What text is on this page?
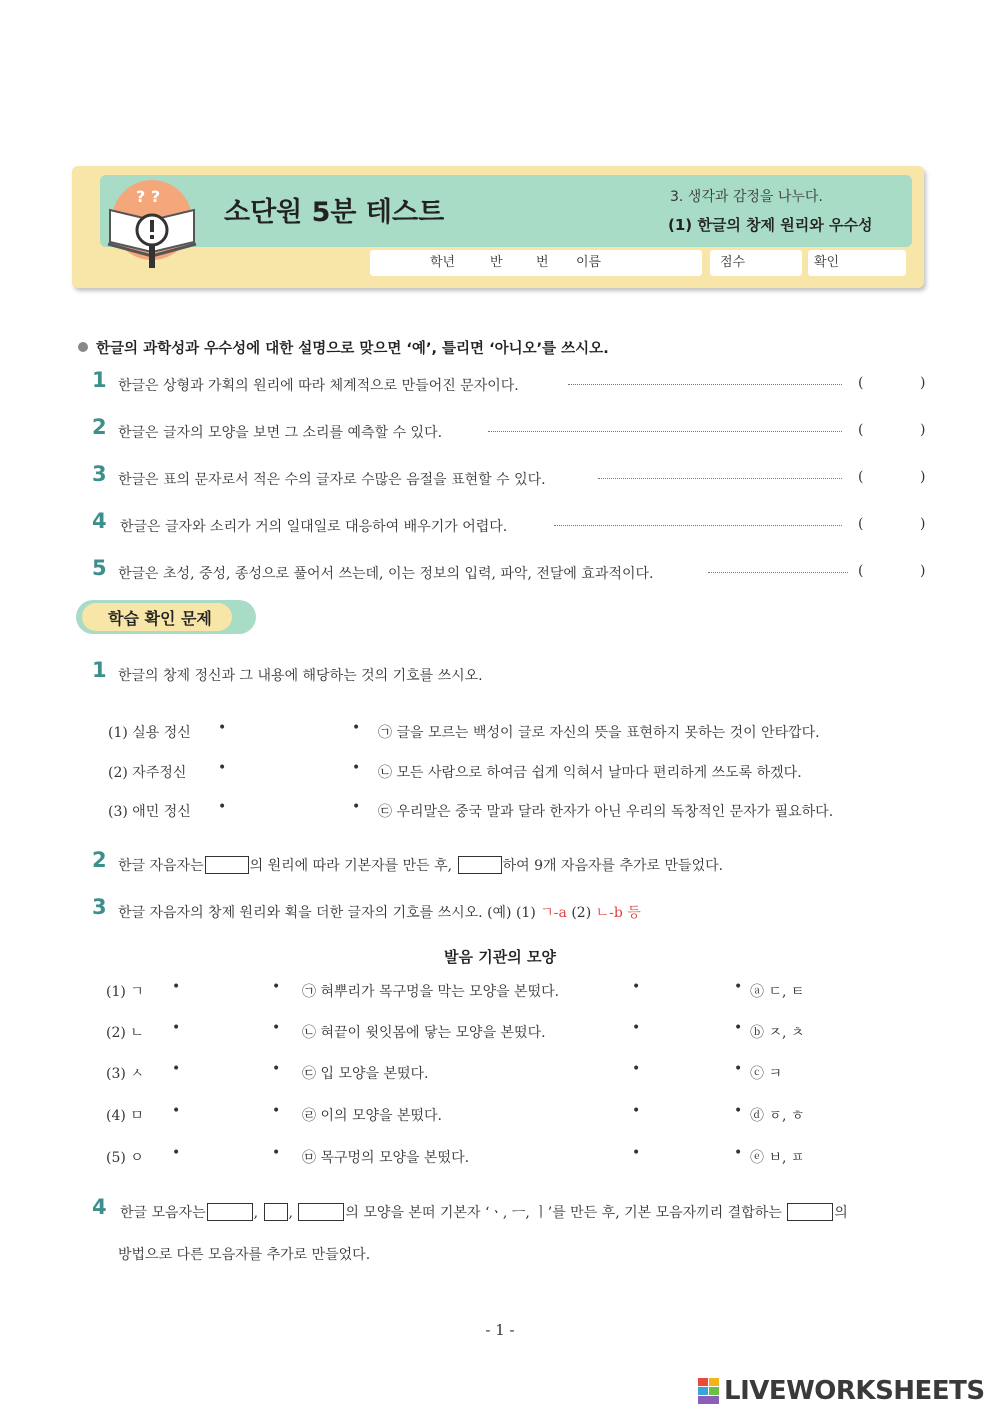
? ?
소단원 5분 테스트	3. 생각과 감정을 나누다.
(1) 한글의 창제 원리와 우수성
학년	반	번 이름	점수	확인
한글의 과학성과 우수성에 대한 설명으로 맞으면 ‘예’, 틀리면 ‘아니오’를 쓰시오.
1 한글은 상형과 가획의 원리에 따라 체계적으로 만들어진 문자이다.	(	)
2 한글은 글자의 모양을 보면 그 소리를 예측할 수 있다.	(	)
3 한글은 표의 문자로서 적은 수의 글자로 수많은 음절을 표현할 수 있다.	(	)
4 한글은 글자와 소리가 거의 일대일로 대응하여 배우기가 어렵다.	(	)
5 한글은 초성, 중성, 종성으로 풀어서 쓰는데, 이는 정보의 입력, 파악, 전달에 효과적이다.	(	)
학습 확인 문제
1 한글의 창제 정신과 그 내용에 해당하는 것의 기호를 쓰시오.
(1) 실용 정신 •	• ㉠ 글을 모르는 백성이 글로 자신의 뜻을 표현하지 못하는 것이 안타깝다.
(2) 자주정신 •	• ㉡ 모든 사람으로 하여금 쉽게 익혀서 날마다 편리하게 쓰도록 하겠다.
(3) 애민 정신 •	• ㉢ 우리말은 중국 말과 달라 한자가 아닌 우리의 독창적인 문자가 필요하다.
2 한글 자음자는	의 원리에 따라 기본자를 만든 후,	하여 9개 자음자를 추가로 만들었다.
3 한글 자음자의 창제 원리와 획을 더한 글자의 기호를 쓰시오. (예) (1) ㄱ-a (2) ㄴ-b 등
발음 기관의 모양
(1) ㄱ •	• ㉠ 혀뿌리가 목구멍을 막는 모양을 본떴다.	•	• ⓐ ㄷ, ㅌ
(2) ㄴ •	• ㉡ 혀끝이 윗잇몸에 닿는 모양을 본떴다.	•	• ⓑ ㅈ, ㅊ
(3) ㅅ •	• ㉢ 입 모양을 본떴다.	•	• ⓒ ㅋ
(4) ㅁ •	• ㉣ 이의 모양을 본떴다.	•	• ⓓ ㆆ, ㅎ
(5) ㅇ •	• ㉤ 목구멍의 모양을 본떴다.	•	• ⓔ ㅂ, ㅍ
4 한글 모음자는	, ,	의 모양을 본떠 기본자 ‘ㆍ, ㅡ, ㅣ’를 만든 후, 기본 모음자끼리 결합하는	의
방법으로 다른 모음자를 추가로 만들었다.
- 1 -
LIVEWORKSHEETS
